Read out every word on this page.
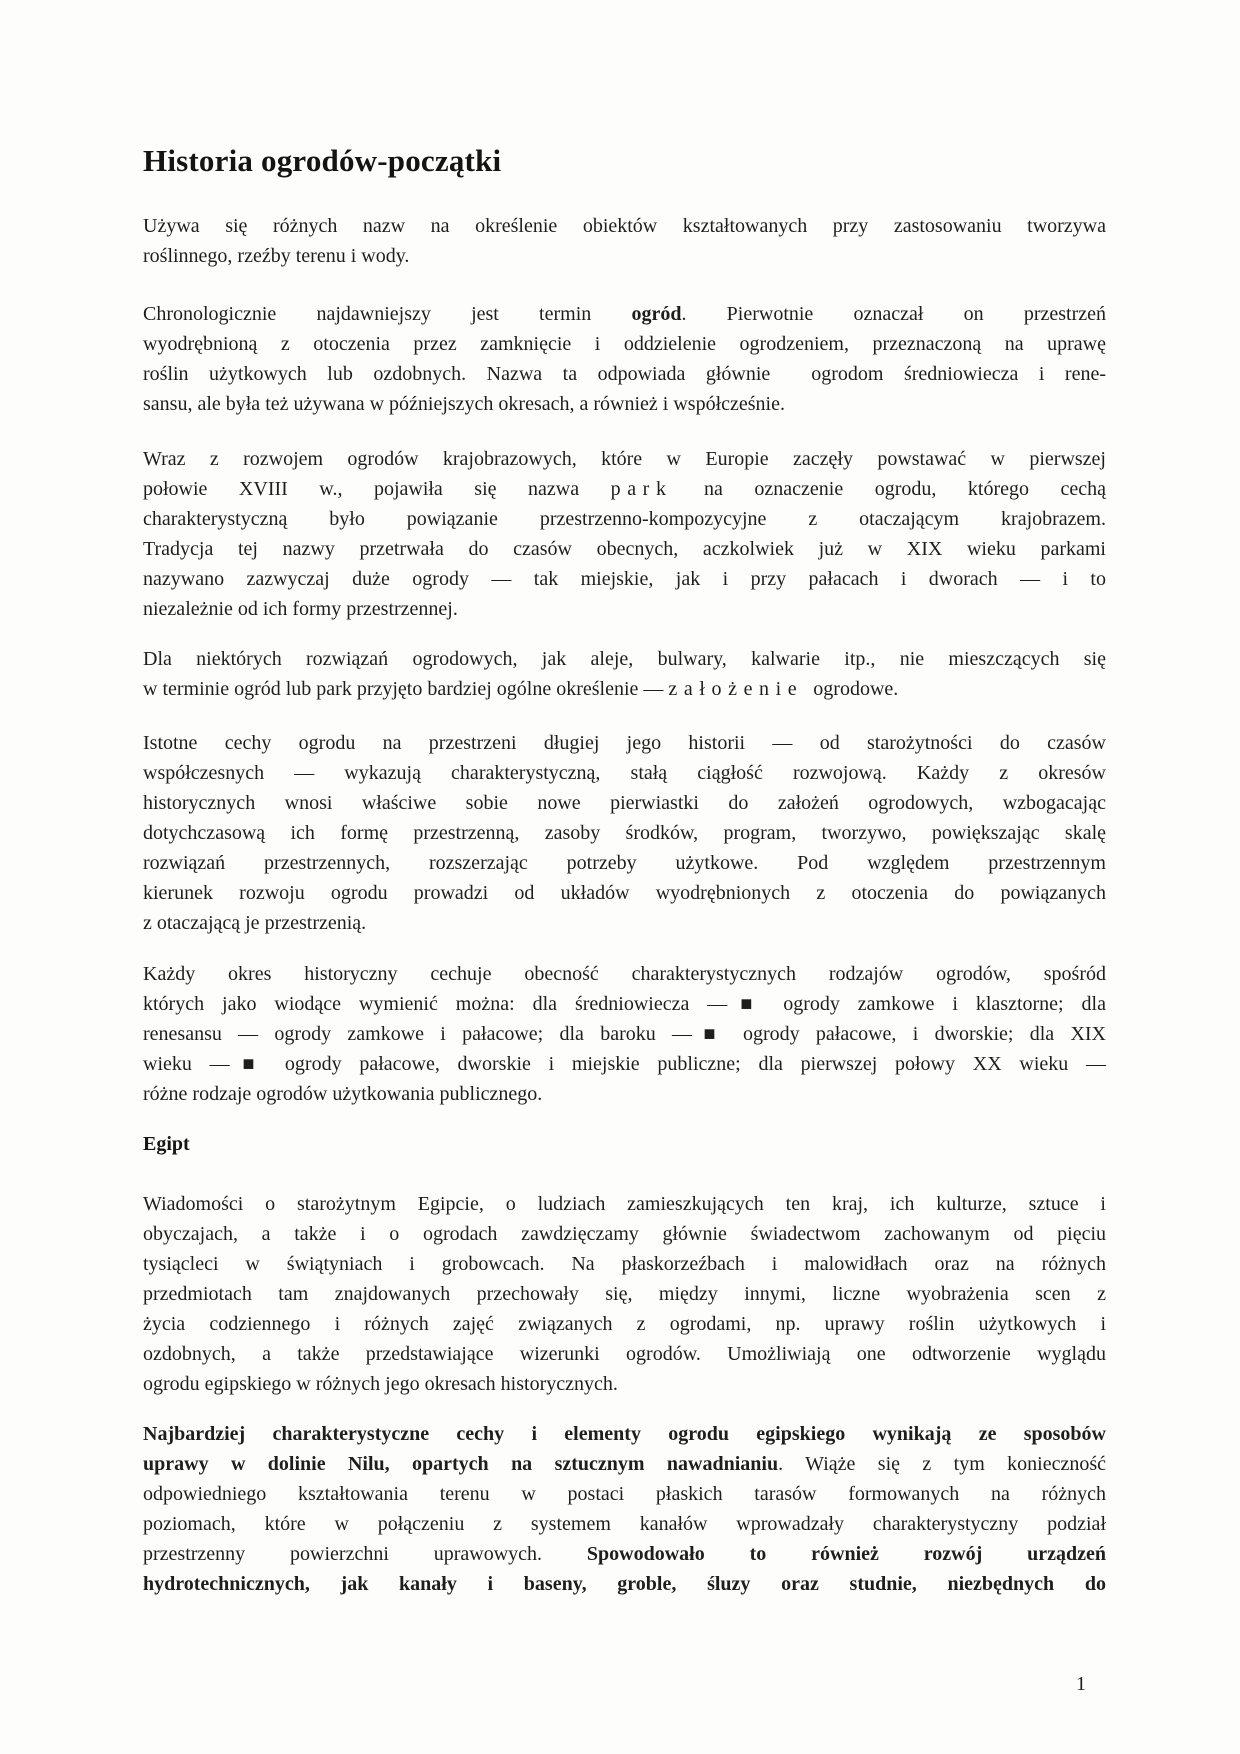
Historia ogrodów-początki
Używa się różnych nazw na określenie obiektów kształtowanych przy zastosowaniu tworzywa
roślinnego, rzeźby terenu i wody.
Chronologicznie najdawniejszy jest termin ogród. Pierwotnie oznaczał on przestrzeń
wyodrębnioną z otoczenia przez zamknięcie i oddzielenie ogrodzeniem, przeznaczoną na uprawę
roślin użytkowych lub ozdobnych. Nazwa ta odpowiada głównie  ogrodom średniowiecza i rene-
sansu, ale była też używana w późniejszych okresach, a również i współcześnie.
Wraz z rozwojem ogrodów krajobrazowych, które w Europie zaczęły powstawać w pierwszej
połowie XVIII w., pojawiła się nazwa park na oznaczenie ogrodu, którego cechą
charakterystyczną było powiązanie przestrzenno-kompozycyjne z otaczającym krajobrazem.
Tradycja tej nazwy przetrwała do czasów obecnych, aczkolwiek już w XIX wieku parkami
nazywano zazwyczaj duże ogrody — tak miejskie, jak i przy pałacach i dworach — i to
niezależnie od ich formy przestrzennej.
Dla niektórych rozwiązań ogrodowych, jak aleje, bulwary, kalwarie itp., nie mieszczących się
w terminie ogród lub park przyjęto bardziej ogólne określenie — założenie  ogrodowe.
Istotne cechy ogrodu na przestrzeni długiej jego historii — od starożytności do czasów
współczesnych — wykazują charakterystyczną, stałą ciągłość rozwojową. Każdy z okresów
historycznych wnosi właściwe sobie nowe pierwiastki do założeń ogrodowych, wzbogacając
dotychczasową ich formę przestrzenną, zasoby środków, program, tworzywo, powiększając skalę
rozwiązań przestrzennych, rozszerzając potrzeby użytkowe. Pod względem przestrzennym
kierunek rozwoju ogrodu prowadzi od układów wyodrębnionych z otoczenia do powiązanych
z otaczającą je przestrzenią.
Każdy okres historyczny cechuje obecność charakterystycznych rodzajów ogrodów, spośród
których jako wiodące wymienić można: dla średniowiecza —■ ogrody zamkowe i klasztorne; dla
renesansu — ogrody zamkowe i pałacowe; dla baroku —■ ogrody pałacowe, i dworskie; dla XIX
wieku —■ ogrody pałacowe, dworskie i miejskie publiczne; dla pierwszej połowy XX wieku —
różne rodzaje ogrodów użytkowania publicznego.
Egipt
Wiadomości o starożytnym Egipcie, o ludziach zamieszkujących ten kraj, ich kulturze, sztuce i
obyczajach, a także i o ogrodach zawdzięczamy głównie świadectwom zachowanym od pięciu
tysiącleci w świątyniach i grobowcach. Na płaskorzeźbach i malowidłach oraz na różnych
przedmiotach tam znajdowanych przechowały się, między innymi, liczne wyobrażenia scen z
życia codziennego i różnych zajęć związanych z ogrodami, np. uprawy roślin użytkowych i
ozdobnych, a także przedstawiające wizerunki ogrodów. Umożliwiają one odtworzenie wyglądu
ogrodu egipskiego w różnych jego okresach historycznych.
Najbardziej charakterystyczne cechy i elementy ogrodu egipskiego wynikają ze sposobów
uprawy w dolinie Nilu, opartych na sztucznym nawadnianiu. Wiąże się z tym konieczność
odpowiedniego kształtowania terenu w postaci płaskich tarasów formowanych na różnych
poziomach, które w połączeniu z systemem kanałów wprowadzały charakterystyczny podział
przestrzenny powierzchni uprawowych. Spowodowało to również rozwój urządzeń
hydrotechnicznych, jak kanały i baseny, groble, śluzy oraz studnie, niezbędnych do
1
